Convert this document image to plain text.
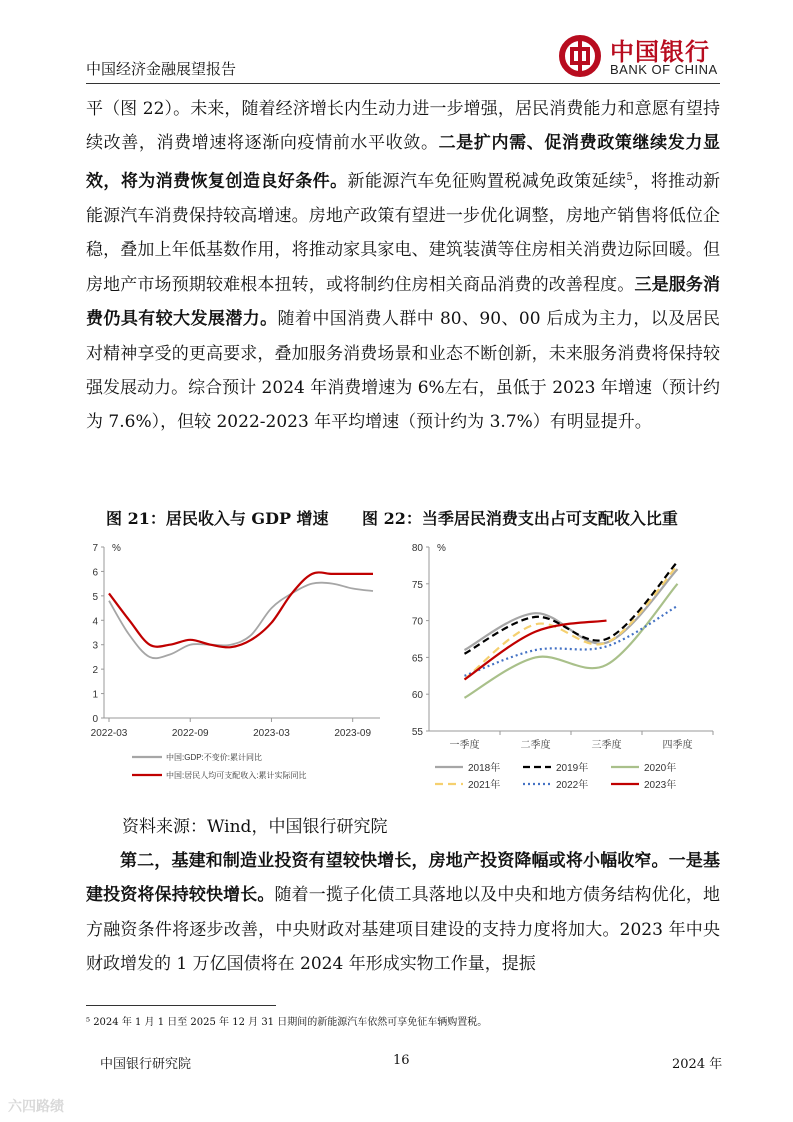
中国经济金融展望报告
中国银行
BANK OF CHINA

平（图 22）。未来，随着经济增长内生动力进一步增强，居民消费能力和意愿有望持续改善，消费增速将逐渐向疫情前水平收敛。二是扩内需、促消费政策继续发力显效，将为消费恢复创造良好条件。新能源汽车免征购置税减免政策延续$^5$，将推动新能源汽车消费保持较高增速。房地产政策有望进一步优化调整，房地产销售将低位企稳，叠加上年低基数作用，将推动家具家电、建筑装潢等住房相关消费边际回暖。但房地产市场预期较难根本扭转，或将制约住房相关商品消费的改善程度。三是服务消费仍具有较大发展潜力。随着中国消费人群中 80、90、00 后成为主力，以及居民对精神享受的更高要求，叠加服务消费场景和业态不断创新，未来服务消费将保持较强发展动力。综合预计 2024 年消费增速为 6%左右，虽低于 2023 年增速（预计约为 7.6%），但较 2022-2023 年平均增速（预计约为 3.7%）有明显提升。

图 21：居民收入与 GDP 增速 图 22：当季居民消费支出占可支配收入比重
0
1
2
3
4
5
6
7 %
2022-03	2022-09	2023-03	2023-09
中国:GDP:不变价:累计同比
中国:居民人均可支配收入:累计实际同比
55
60
65
70
75
80 %
一季度	二季度	三季度	四季度
2018年	2019年	2020年
2021年	2022年	2023年
资料来源：Wind，中国银行研究院

第二，基建和制造业投资有望较快增长，房地产投资降幅或将小幅收窄。一是基建投资将保持较快增长。随着一揽子化债工具落地以及中央和地方债务结构优化，地方融资条件将逐步改善，中央财政对基建项目建设的支持力度将加大。2023 年中央财政增发的 1 万亿国债将在 2024 年形成实物工作量，提振

⁵ 2024 年 1 月 1 日至 2025 年 12 月 31 日期间的新能源汽车依然可享免征车辆购置税。
中国银行研究院	16	2024 年
六四路绩
